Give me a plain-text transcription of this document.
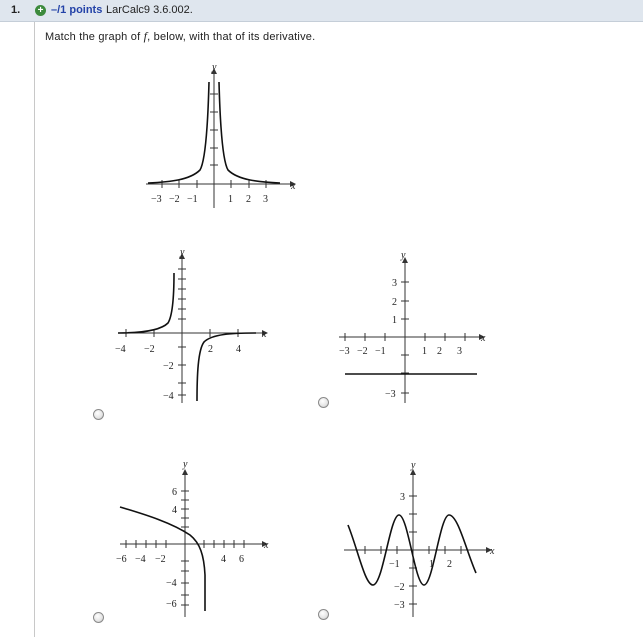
1. + –/1 points LarCalc9 3.6.002.
Match the graph of f, below, with that of its derivative.
y
x
−3 −2 −1	1 2 3
y
x
−4 −2	2 4
−2
−4
y
x
−3 −2 −1	1 2 3
3
2
1
−3
y
x
−6 −4 −2	4 6
6
4
−4
−6
y
x
−1	1 2
3
−2
−3
